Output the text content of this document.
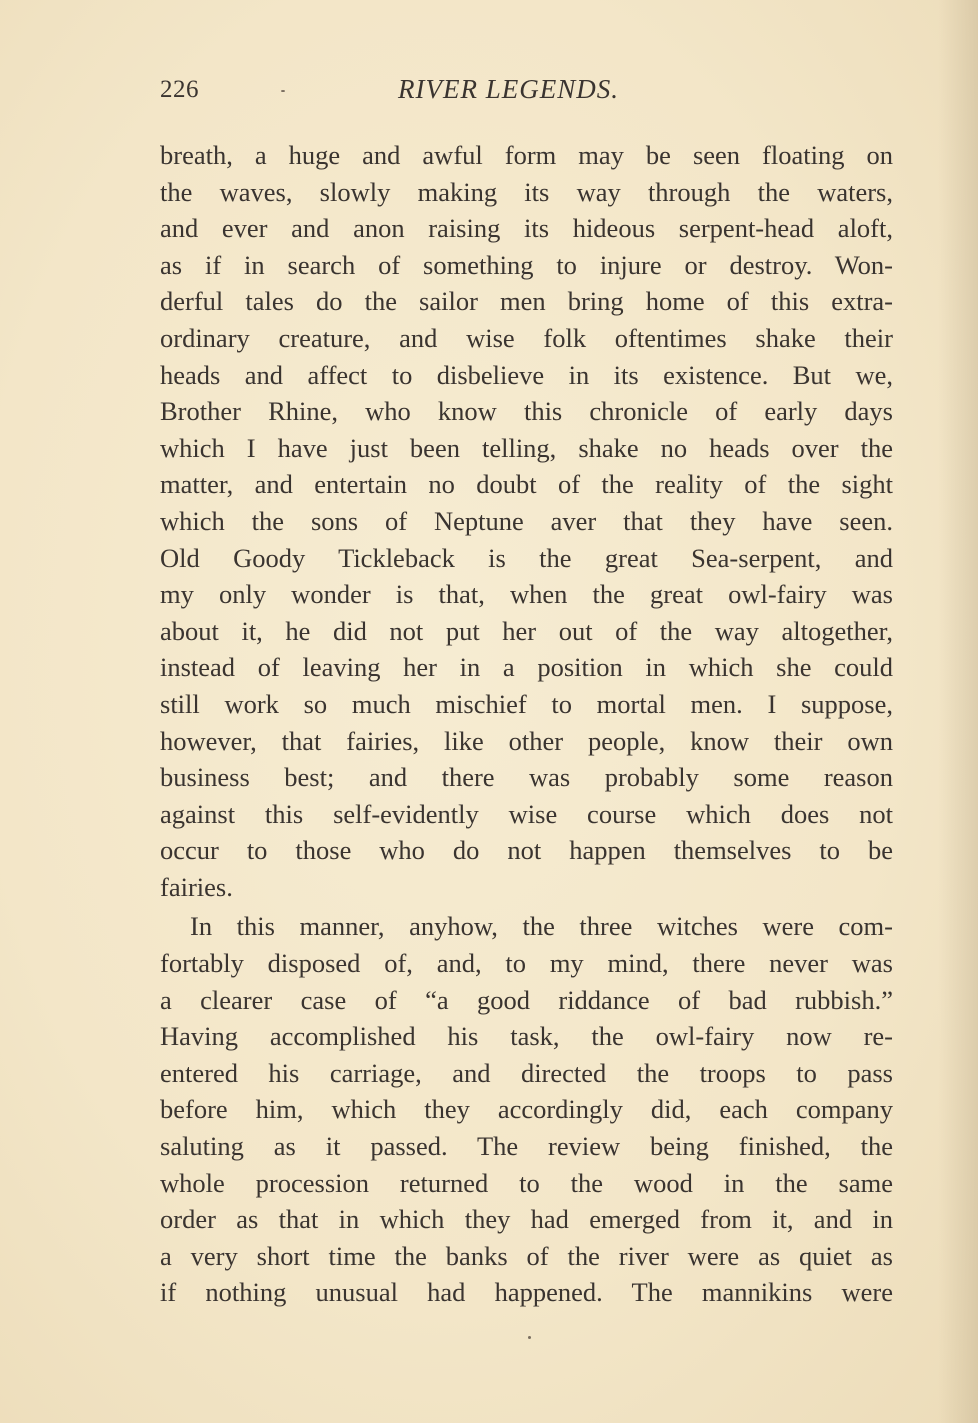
226	RIVER LEGENDS.
breath, a huge and awful form may be seen floating on
the waves, slowly making its way through the waters,
and ever and anon raising its hideous serpent-head aloft,
as if in search of something to injure or destroy. Won-
derful tales do the sailor men bring home of this extra-
ordinary creature, and wise folk oftentimes shake their
heads and affect to disbelieve in its existence. But we,
Brother Rhine, who know this chronicle of early days
which I have just been telling, shake no heads over the
matter, and entertain no doubt of the reality of the sight
which the sons of Neptune aver that they have seen.
Old Goody Tickleback is the great Sea-serpent, and
my only wonder is that, when the great owl-fairy was
about it, he did not put her out of the way altogether,
instead of leaving her in a position in which she could
still work so much mischief to mortal men. I suppose,
however, that fairies, like other people, know their own
business best; and there was probably some reason
against this self-evidently wise course which does not
occur to those who do not happen themselves to be
fairies.
In this manner, anyhow, the three witches were com-
fortably disposed of, and, to my mind, there never was
a clearer case of “a good riddance of bad rubbish.”
Having accomplished his task, the owl-fairy now re-
entered his carriage, and directed the troops to pass
before him, which they accordingly did, each company
saluting as it passed. The review being finished, the
whole procession returned to the wood in the same
order as that in which they had emerged from it, and in
a very short time the banks of the river were as quiet as
if nothing unusual had happened. The mannikins were
